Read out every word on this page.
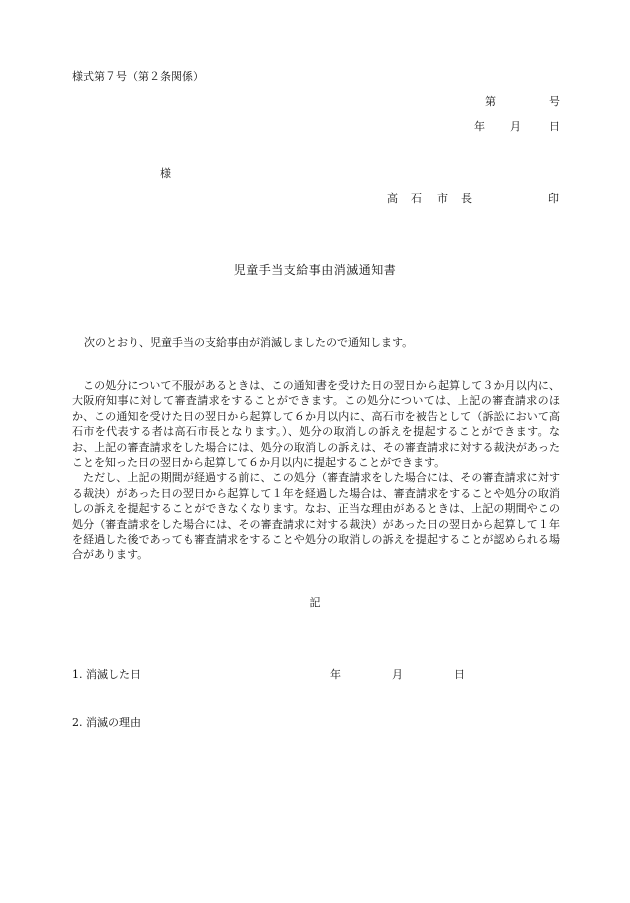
様式第７号（第２条関係）
第	号
年 月	日
様
高 石 市 長	印
児童手当支給事由消滅通知書
次のとおり、児童手当の支給事由が消滅しましたので通知します。

この処分について不服があるときは、この通知書を受けた日の翌日から起算して３か月以内に、大阪府知事に対して審査請求をすることができます。この処分については、上記の審査請求のほか、この通知を受けた日の翌日から起算して６か月以内に、高石市を被告として（訴訟において高石市を代表する者は高石市長となります。）、処分の取消しの訴えを提起することができます。なお、上記の審査請求をした場合には、処分の取消しの訴えは、その審査請求に対する裁決があったことを知った日の翌日から起算して６か月以内に提起することができます。

ただし、上記の期間が経過する前に、この処分（審査請求をした場合には、その審査請求に対する裁決）があった日の翌日から起算して１年を経過した場合は、審査請求をすることや処分の取消しの訴えを提起することができなくなります。なお、正当な理由があるときは、上記の期間やこの処分（審査請求をした場合には、その審査請求に対する裁決）があった日の翌日から起算して１年を経過した後であっても審査請求をすることや処分の取消しの訴えを提起することが認められる場合があります。

記
1. 消滅した日	年	月	日
2. 消滅の理由
